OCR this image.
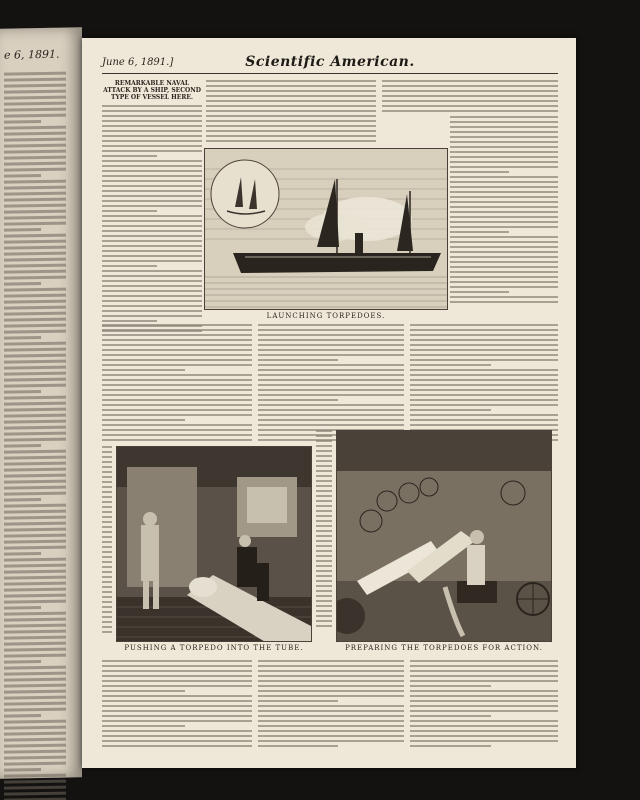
e 6, 1891.
June 6, 1891.]	Scientific American.
REMARKABLE NAVAL ATTACK BY A SHIP, SECOND TYPE OF VESSEL HERE.
LAUNCHING TORPEDOES.
PUSHING A TORPEDO INTO THE TUBE.	PREPARING THE TORPEDOES FOR ACTION.
